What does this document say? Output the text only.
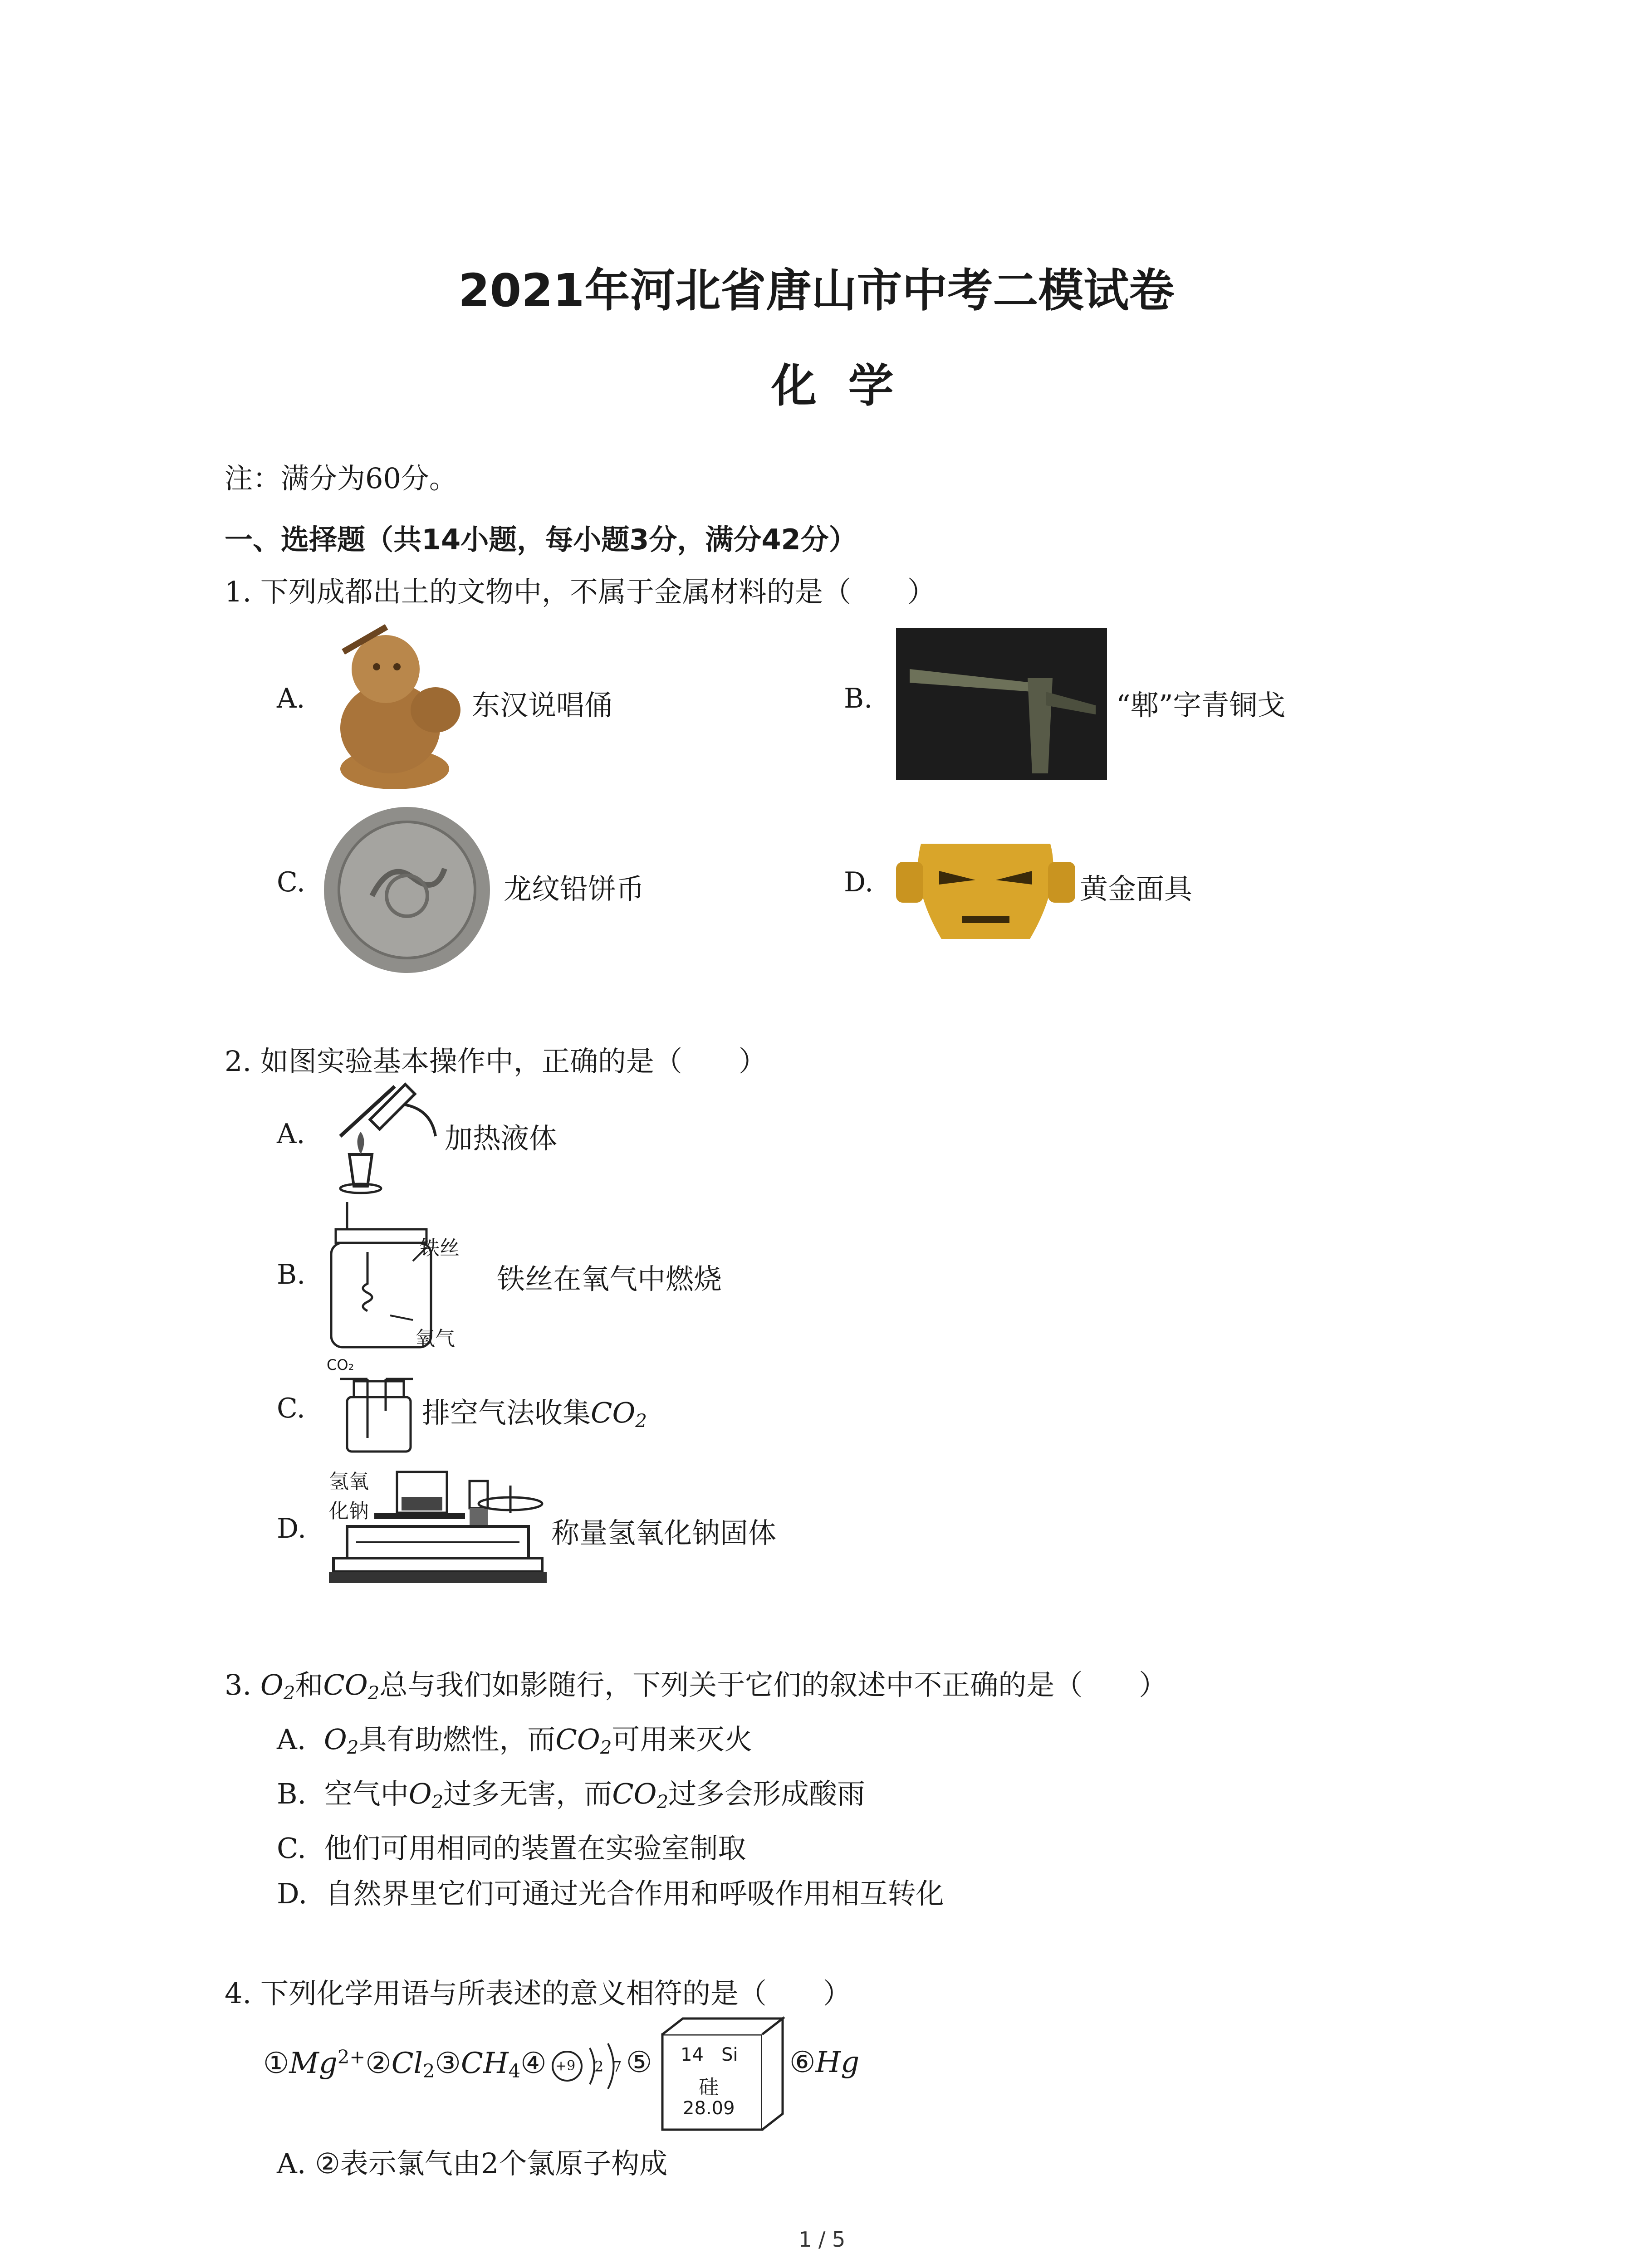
2021年河北省唐山市中考二模试卷
化  学
注：满分为60分。
一、选择题（共14小题，每小题3分，满分42分）
1. 下列成都出土的文物中，不属于金属材料的是（　　）
A.	东汉说唱俑	B.	“郫”字青铜戈
C.	龙纹铅饼币	D.	黄金面具
2. 如图实验基本操作中，正确的是（　　）
A.	加热液体
B.
铁丝
氧气
铁丝在氧气中燃烧
C.
CO₂
排空气法收集$CO_2$
D.
氢氧
化钠
称量氢氧化钠固体
3. $O_2$和$CO_2$总与我们如影随行，下列关于它们的叙述中不正确的是（　　）
A. $O_2$具有助燃性，而$CO_2$可用来灭火
B. 空气中$O_2$过多无害，而$CO_2$过多会形成酸雨
C. 他们可用相同的装置在实验室制取
D. 自然界里它们可通过光合作用和呼吸作用相互转化
4. 下列化学用语与所表述的意义相符的是（　　）
$①Mg^{2+}②Cl_2③CH_4④ +9$ 2 7 ⑤ 14 Si
硅
28.09
⑥Hg
A. ②表示氯气由2个氯原子构成
1 / 5
